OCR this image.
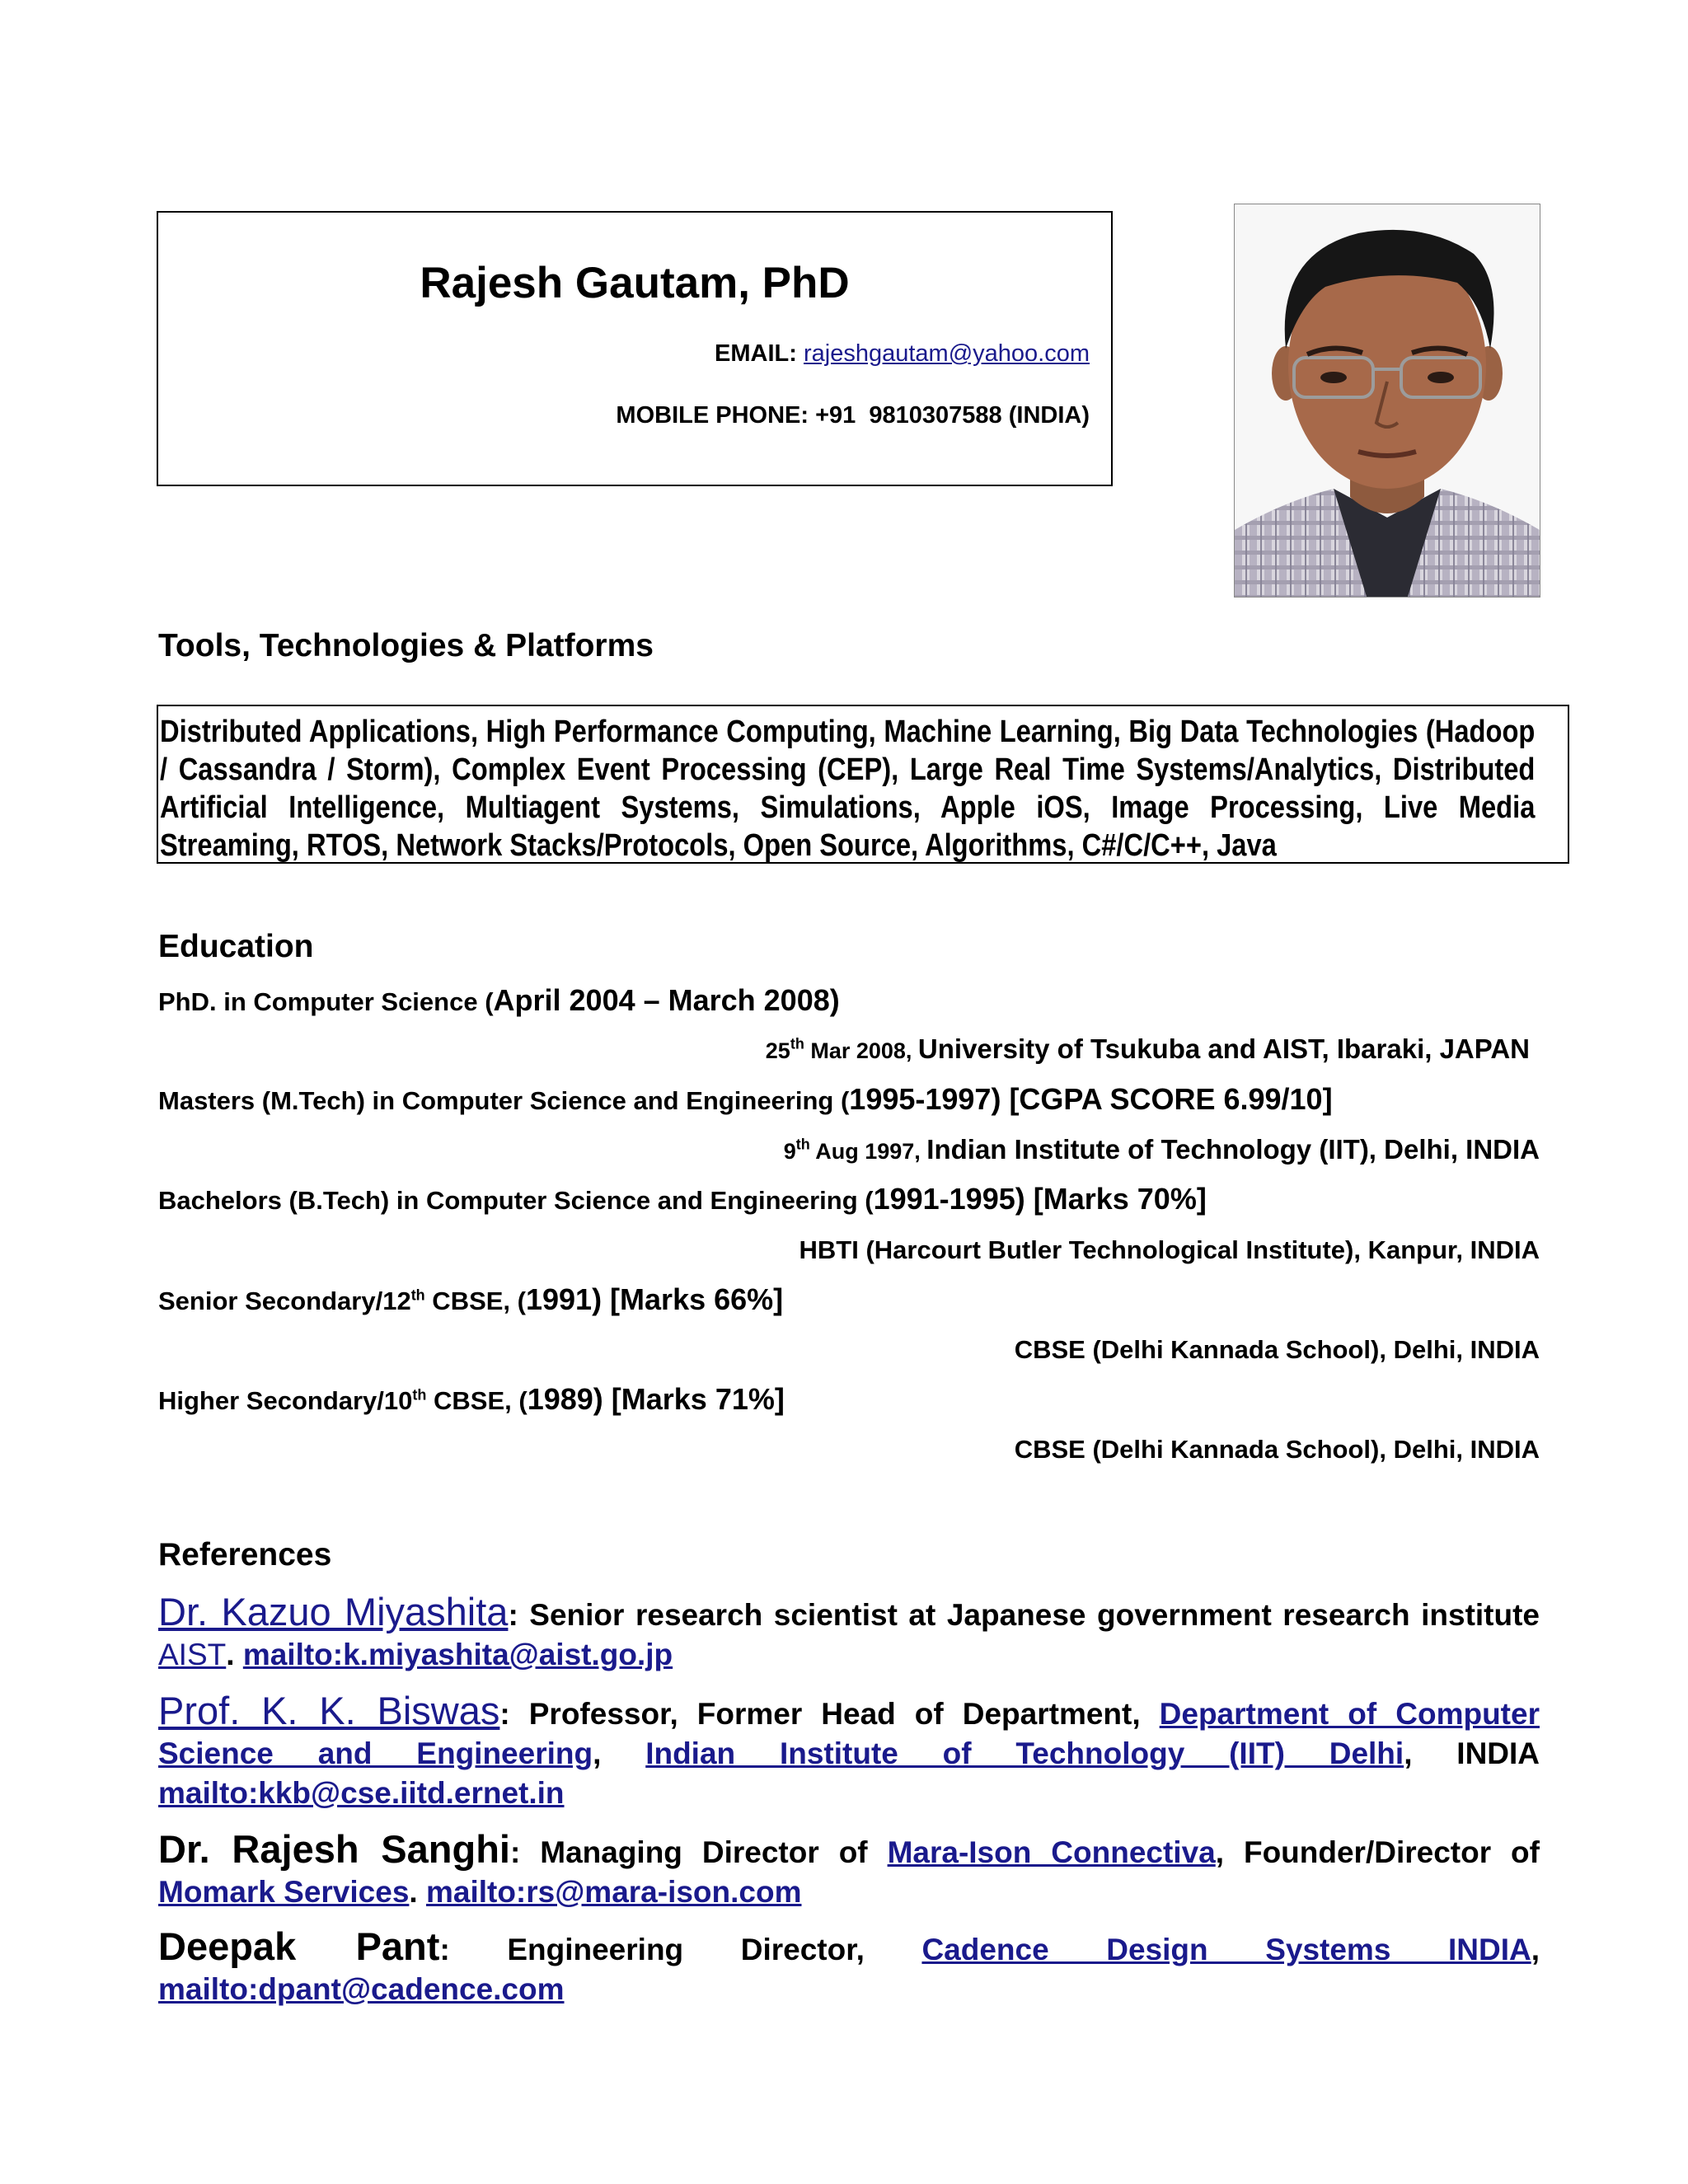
Rajesh Gautam, PhD
EMAIL: rajeshgautam@yahoo.com
MOBILE PHONE: +91  9810307588 (INDIA)
Tools, Technologies & Platforms
Distributed Applications, High Performance Computing, Machine Learning, Big Data Technologies (Hadoop / Cassandra / Storm), Complex Event Processing (CEP), Large Real Time Systems/Analytics, Distributed Artificial Intelligence, Multiagent Systems, Simulations, Apple iOS, Image Processing, Live Media Streaming, RTOS, Network Stacks/Protocols, Open Source, Algorithms, C#/C/C++, Java
Education
PhD. in Computer Science (April 2004 – March 2008)
25th Mar 2008, University of Tsukuba and AIST, Ibaraki, JAPAN
Masters (M.Tech) in Computer Science and Engineering (1995-1997) [CGPA SCORE 6.99/10]
9th Aug 1997, Indian Institute of Technology (IIT), Delhi, INDIA
Bachelors (B.Tech) in Computer Science and Engineering (1991-1995) [Marks 70%]
HBTI (Harcourt Butler Technological Institute), Kanpur, INDIA
Senior Secondary/12th CBSE, (1991) [Marks 66%]
CBSE (Delhi Kannada School), Delhi, INDIA
Higher Secondary/10th CBSE, (1989) [Marks 71%]
CBSE (Delhi Kannada School), Delhi, INDIA
References
Dr. Kazuo Miyashita: Senior research scientist at Japanese government research institute AIST. mailto:k.miyashita@aist.go.jp
Prof. K. K. Biswas: Professor, Former Head of Department, Department of Computer Science and Engineering, Indian Institute of Technology (IIT) Delhi, INDIA mailto:kkb@cse.iitd.ernet.in
Dr. Rajesh Sanghi: Managing Director of Mara-Ison Connectiva, Founder/Director of Momark Services. mailto:rs@mara-ison.com
Deepak Pant: Engineering Director, Cadence Design Systems INDIA, mailto:dpant@cadence.com
